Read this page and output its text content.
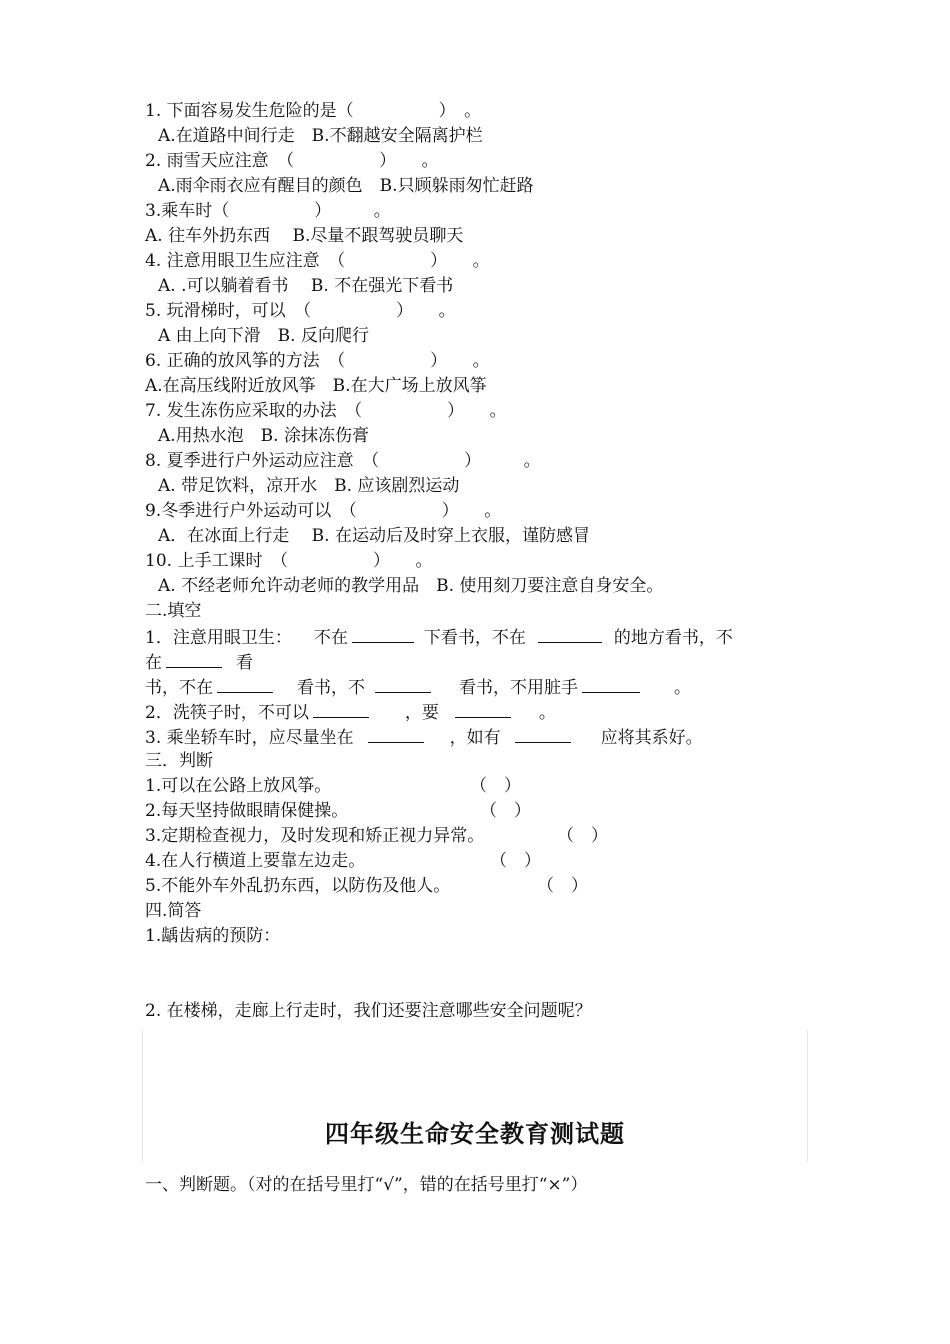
1. 下面容易发生危险的是（　　　　　）　。
A.在道路中间行走　B.不翻越安全隔离护栏
2. 雨雪天应注意　（　　　　　）　　。
A.雨伞雨衣应有醒目的颜色　B.只顾躲雨匆忙赶路
3.乘车时（　　　　　）　　　。
A. 往车外扔东西　 B.尽量不跟驾驶员聊天
4. 注意用眼卫生应注意　（　　　　　）　　。
A. .可以躺着看书　 B. 不在强光下看书
5. 玩滑梯时，可以　（　　　　　）　　。
A 由上向下滑　B. 反向爬行
6. 正确的放风筝的方法　（　　　　　）　　。
A.在高压线附近放风筝　B.在大广场上放风筝
7. 发生冻伤应采取的办法　（　　　　　）　　。
A.用热水泡　B. 涂抹冻伤膏
8. 夏季进行户外运动应注意　（　　　　　）　　　。
A. 带足饮料，凉开水　B. 应该剧烈运动
9.冬季进行户外运动可以　（　　　　　）　　。
A．在冰面上行走　 B. 在运动后及时穿上衣服，谨防感冒
10. 上手工课时　（　　　　　）　　。
A. 不经老师允许动老师的教学用品　B. 使用刻刀要注意自身安全。
二.填空
1．注意用眼卫生： 不在	下看书，不在	的地方看书，不
在	看
书，不在	看书，不	看书，不用脏手	。
2．洗筷子时，不可以	，要	。
3. 乘坐轿车时，应尽量坐在	，如有	应将其系好。
三．判断
1.可以在公路上放风筝。	（　）
2.每天坚持做眼睛保健操。	（　）
3.定期检查视力，及时发现和矫正视力异常。	（　）
4.在人行横道上要靠左边走。	（　）
5.不能外车外乱扔东西，以防伤及他人。	（　）
四.简答
1.龋齿病的预防：
2. 在楼梯，走廊上行走时，我们还要注意哪些安全问题呢？
四年级生命安全教育测试题
一、判断题。（对的在括号里打“√”，错的在括号里打“×”）
